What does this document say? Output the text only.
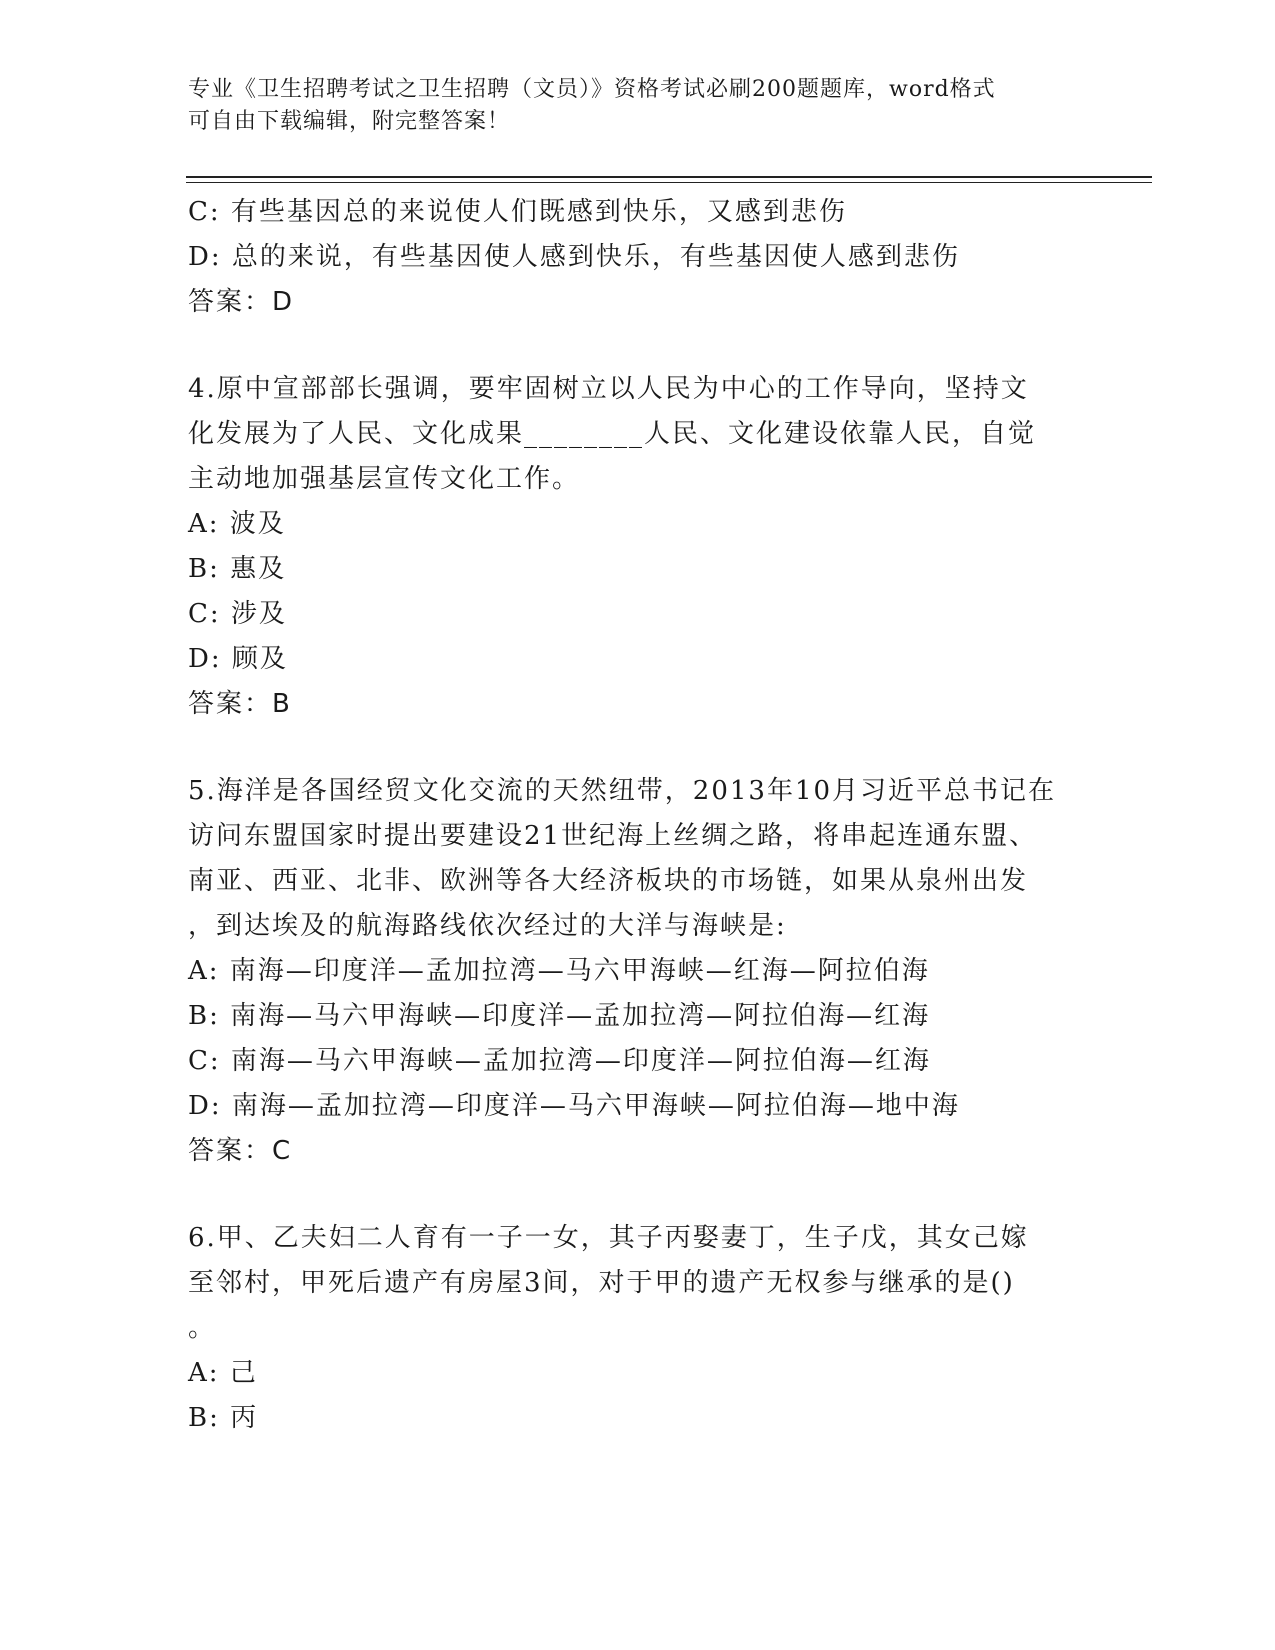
专业《卫生招聘考试之卫生招聘（文员）》资格考试必刷200题题库，word格式
可自由下载编辑，附完整答案！
C: 有些基因总的来说使人们既感到快乐，又感到悲伤
D: 总的来说，有些基因使人感到快乐，有些基因使人感到悲伤
答案：D
4.原中宣部部长强调，要牢固树立以人民为中心的工作导向，坚持文
化发展为了人民、文化成果________人民、文化建设依靠人民，自觉
主动地加强基层宣传文化工作。
A: 波及
B: 惠及
C: 涉及
D: 顾及
答案：B
5.海洋是各国经贸文化交流的天然纽带，2013年10月习近平总书记在
访问东盟国家时提出要建设21世纪海上丝绸之路，将串起连通东盟、
南亚、西亚、北非、欧洲等各大经济板块的市场链，如果从泉州出发
，到达埃及的航海路线依次经过的大洋与海峡是:
A: 南海—印度洋—孟加拉湾—马六甲海峡—红海—阿拉伯海
B: 南海—马六甲海峡—印度洋—孟加拉湾—阿拉伯海—红海
C: 南海—马六甲海峡—孟加拉湾—印度洋—阿拉伯海—红海
D: 南海—孟加拉湾—印度洋—马六甲海峡—阿拉伯海—地中海
答案：C
6.甲、乙夫妇二人育有一子一女，其子丙娶妻丁，生子戊，其女己嫁
至邻村，甲死后遗产有房屋3间，对于甲的遗产无权参与继承的是()
。
A: 己
B: 丙
